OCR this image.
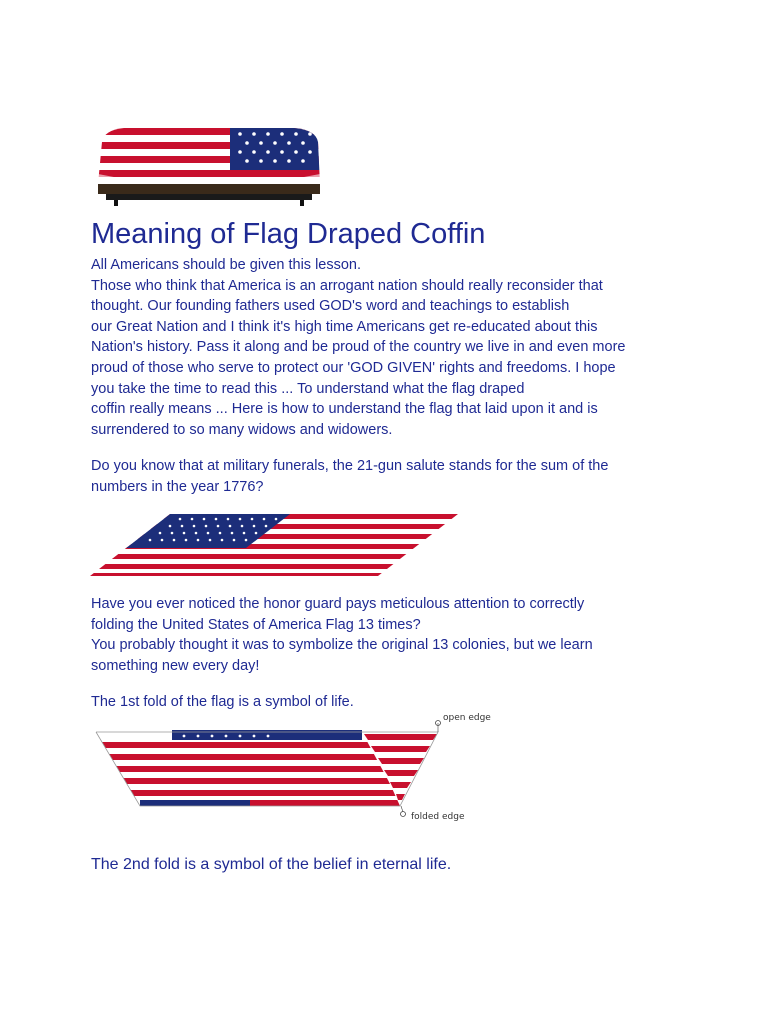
Meaning of Flag Draped Coffin
All Americans should be given this lesson.
Those who think that America is an arrogant nation should really reconsider that
thought. Our founding fathers used GOD's word and teachings to establish
our Great Nation and I think it's high time Americans get re-educated about this
Nation's history. Pass it along and be proud of the country we live in and even more
proud of those who serve to protect our 'GOD GIVEN' rights and freedoms. I hope
you take the time to read this ... To understand what the flag draped
coffin really means ... Here is how to understand the flag that laid upon it and is
surrendered to so many widows and widowers.
Do you know that at military funerals, the 21-gun salute stands for the sum of the
numbers in the year 1776?
Have you ever noticed the honor guard pays meticulous attention to correctly
folding the United States of America Flag 13 times?
You probably thought it was to symbolize the original 13 colonies, but we learn
something new every day!
The 1st fold of the flag is a symbol of life.
open edge
folded edge
The 2nd fold is a symbol of the belief in eternal life.
